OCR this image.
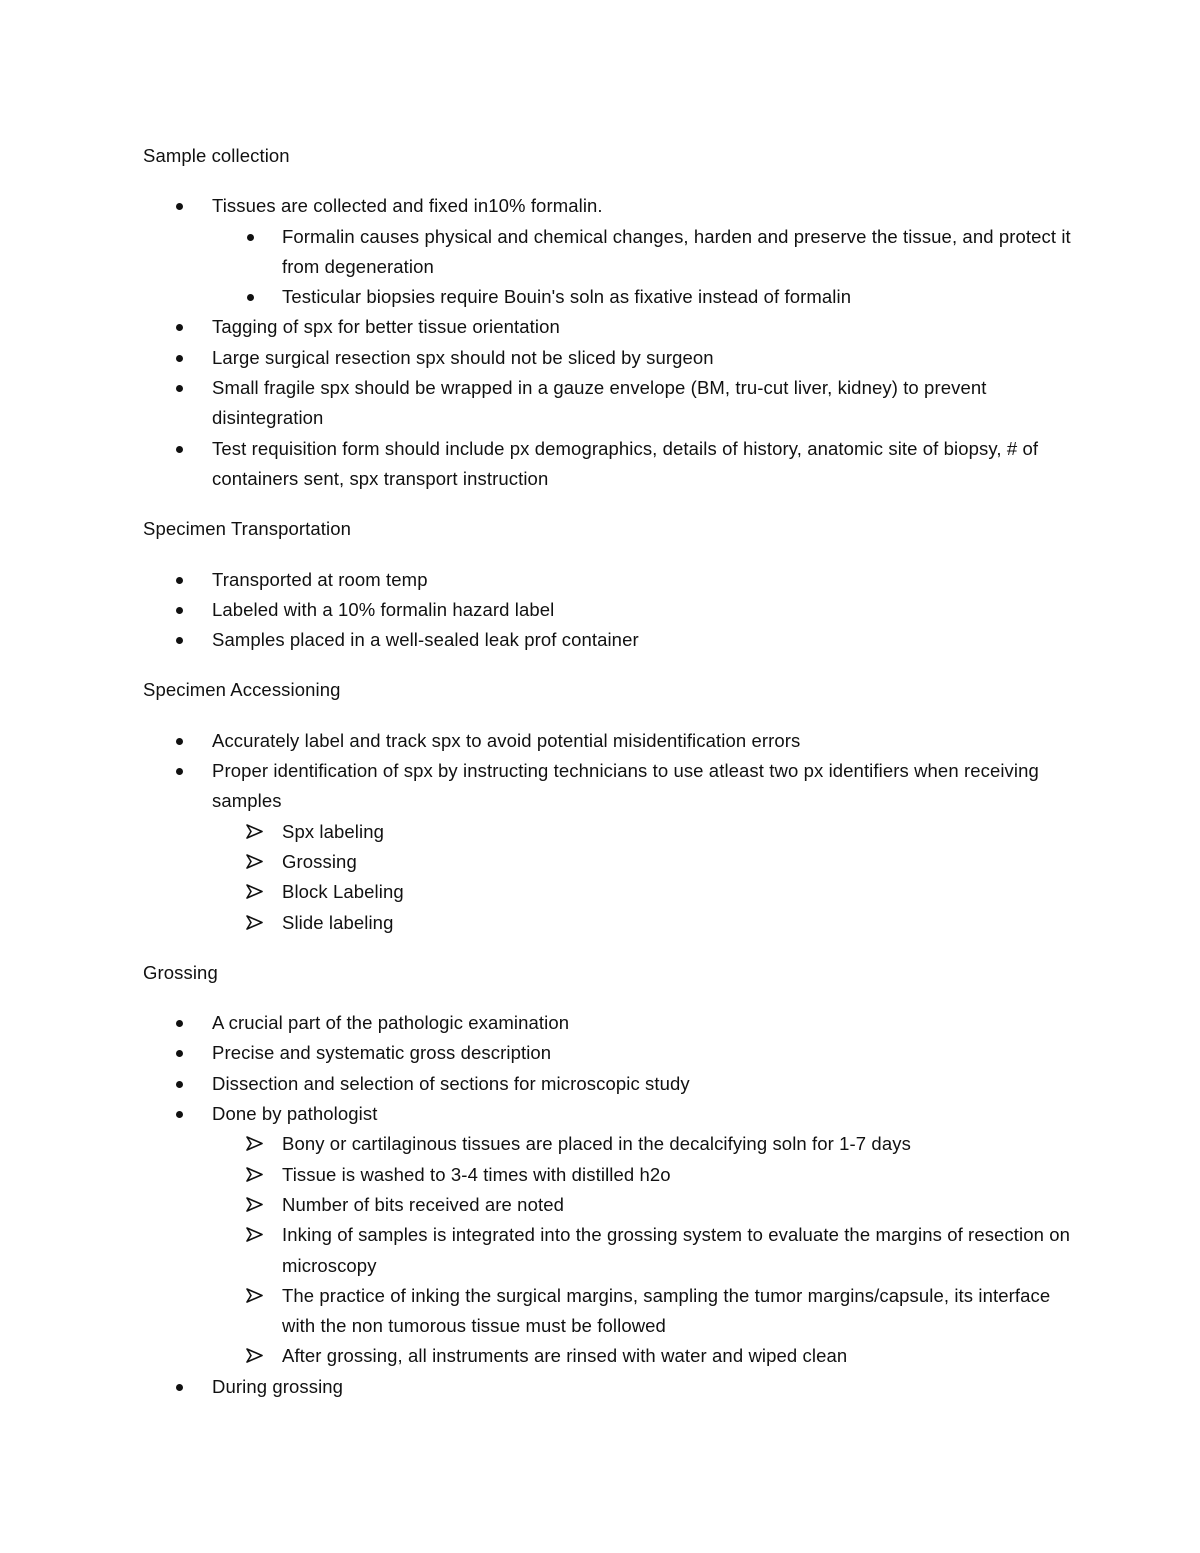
Sample collection
Tissues are collected and fixed in10% formalin.
Formalin causes physical and chemical changes, harden and preserve the tissue, and protect it from degeneration
Testicular biopsies require Bouin's soln as fixative instead of formalin
Tagging of spx for better tissue orientation
Large surgical resection spx should not be sliced by surgeon
Small fragile spx should be wrapped in a gauze envelope (BM, tru-cut liver, kidney) to prevent disintegration
Test requisition form should include px demographics, details of history, anatomic site of biopsy, # of containers sent, spx transport instruction
Specimen Transportation
Transported at room temp
Labeled with a 10% formalin hazard label
Samples placed in a well-sealed leak prof container
Specimen Accessioning
Accurately label and track spx to avoid potential misidentification errors
Proper identification of spx by instructing technicians to use atleast two px identifiers when receiving samples
Spx labeling
Grossing
Block Labeling
Slide labeling
Grossing
A crucial part of the pathologic examination
Precise and systematic gross description
Dissection and selection of sections for microscopic study
Done by pathologist
Bony or cartilaginous tissues are placed in the decalcifying soln for 1-7 days
Tissue is washed to 3-4 times with distilled h2o
Number of bits received are noted
Inking of samples is integrated into the grossing system to evaluate the margins of resection on microscopy
The practice of inking the surgical margins, sampling the tumor margins/capsule, its interface with the non tumorous tissue must be followed
After grossing, all instruments are rinsed with water and wiped clean
During grossing
